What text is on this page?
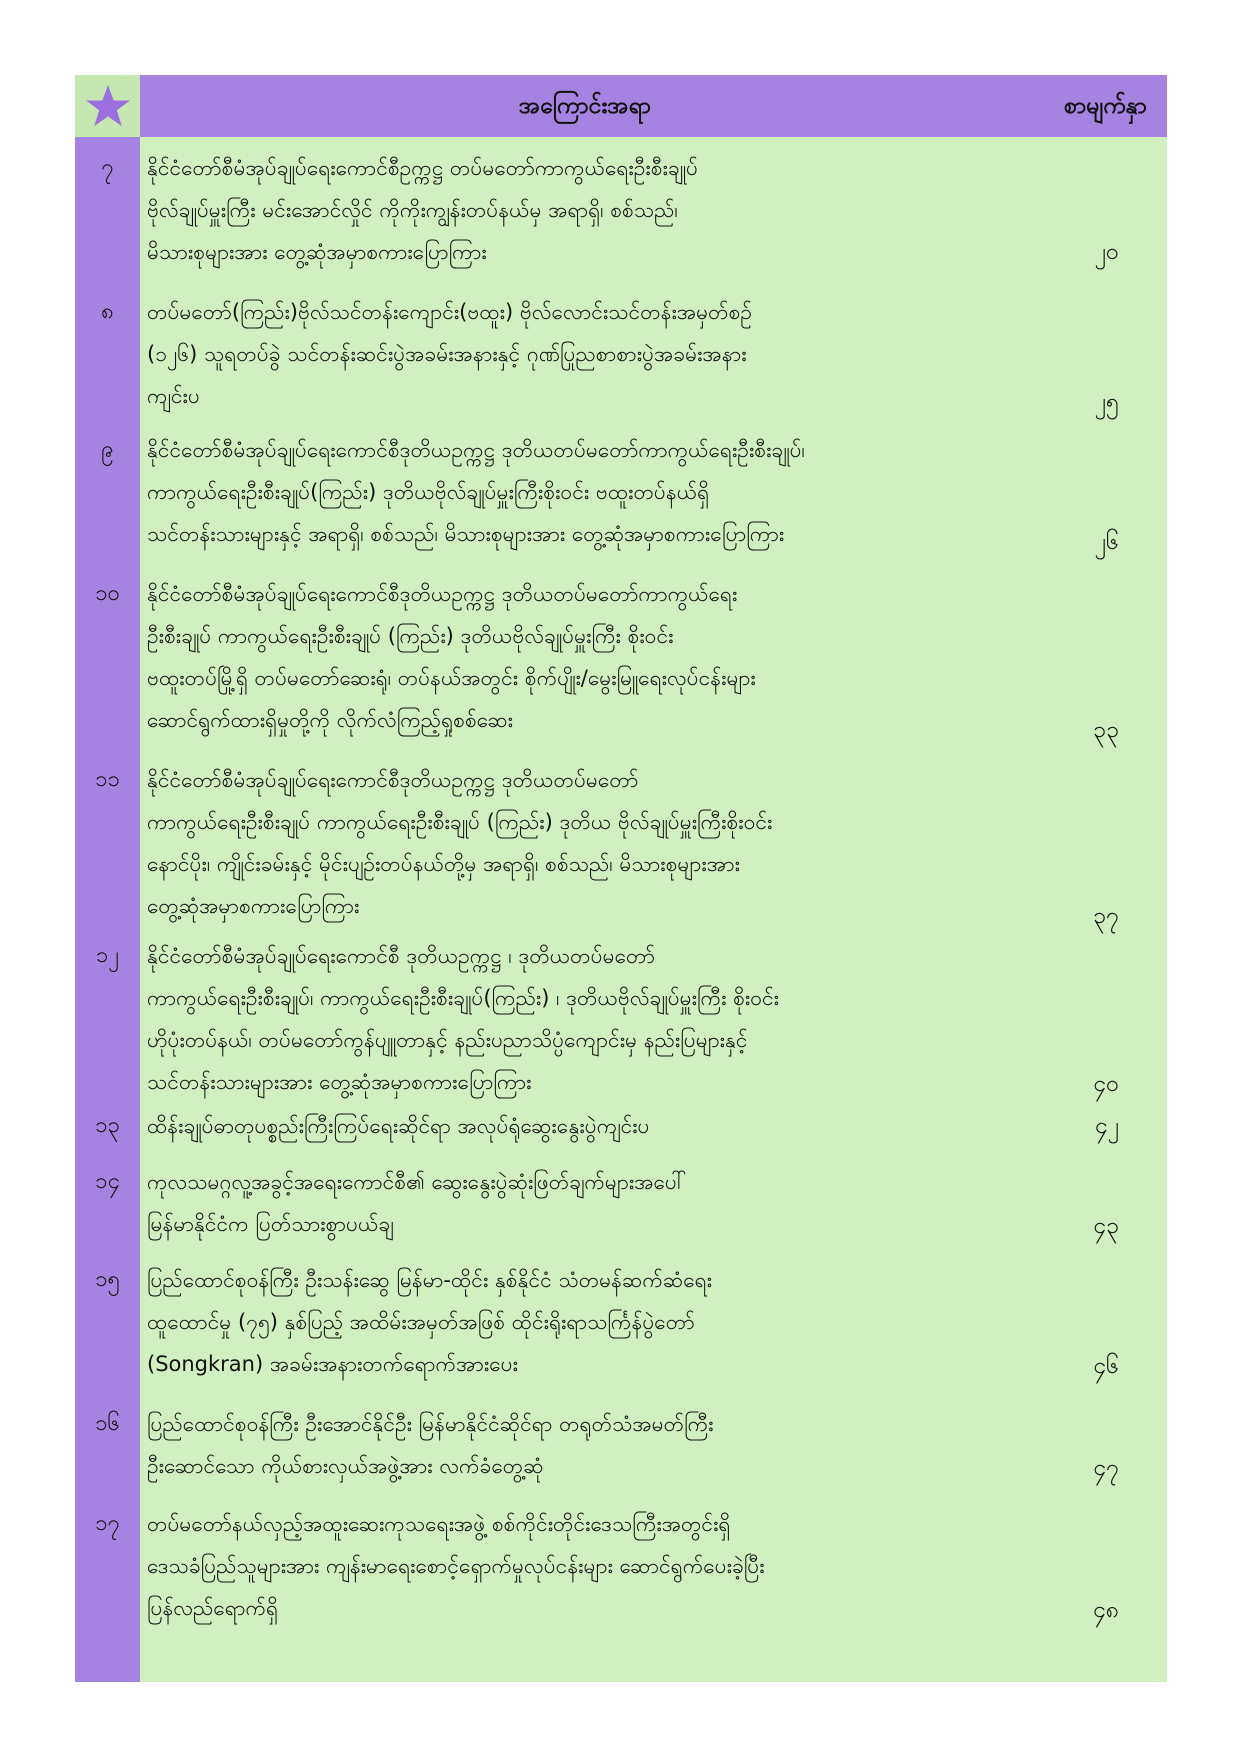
အကြောင်းအရာ	စာမျက်နှာ
၇	နိုင်ငံတော်စီမံအုပ်ချုပ်ရေးကောင်စီဥက္ကဋ္ဌ တပ်မတော်ကာကွယ်ရေးဦးစီးချုပ်
ဗိုလ်ချုပ်မှူးကြီး မင်းအောင်လှိုင် ကိုကိုးကျွန်းတပ်နယ်မှ အရာရှိ၊ စစ်သည်၊
မိသားစုများအား တွေ့ဆုံအမှာစကားပြောကြား	၂၀
၈	တပ်မတော်(ကြည်း)ဗိုလ်သင်တန်းကျောင်း(ဗထူး) ဗိုလ်လောင်းသင်တန်းအမှတ်စဉ်
(၁၂၆) သူရတပ်ခွဲ သင်တန်းဆင်းပွဲအခမ်းအနားနှင့် ဂုဏ်ပြုညစာစားပွဲအခမ်းအနား
ကျင်းပ	၂၅
၉	နိုင်ငံတော်စီမံအုပ်ချုပ်ရေးကောင်စီဒုတိယဥက္ကဋ္ဌ ဒုတိယတပ်မတော်ကာကွယ်ရေးဦးစီးချုပ်၊
ကာကွယ်ရေးဦးစီးချုပ်(ကြည်း) ဒုတိယဗိုလ်ချုပ်မှူးကြီးစိုးဝင်း ဗထူးတပ်နယ်ရှိ
သင်တန်းသားများနှင့် အရာရှိ၊ စစ်သည်၊ မိသားစုများအား တွေ့ဆုံအမှာစကားပြောကြား	၂၆
၁၀	နိုင်ငံတော်စီမံအုပ်ချုပ်ရေးကောင်စီဒုတိယဥက္ကဋ္ဌ ဒုတိယတပ်မတော်ကာကွယ်ရေး
ဦးစီးချုပ် ကာကွယ်ရေးဦးစီးချုပ် (ကြည်း) ဒုတိယဗိုလ်ချုပ်မှူးကြီး စိုးဝင်း
ဗထူးတပ်မြို့ရှိ တပ်မတော်ဆေးရုံ၊ တပ်နယ်အတွင်း စိုက်ပျိုး/မွေးမြူရေးလုပ်ငန်းများ
ဆောင်ရွက်ထားရှိမှုတို့ကို လိုက်လံကြည့်ရှုစစ်ဆေး	၃၃
၁၁	နိုင်ငံတော်စီမံအုပ်ချုပ်ရေးကောင်စီဒုတိယဥက္ကဋ္ဌ ဒုတိယတပ်မတော်
ကာကွယ်ရေးဦးစီးချုပ် ကာကွယ်ရေးဦးစီးချုပ် (ကြည်း) ဒုတိယ ဗိုလ်ချုပ်မှူးကြီးစိုးဝင်း
နောင်ပိုး၊ ကျိုင်းခမ်းနှင့် မိုင်းပျဉ်းတပ်နယ်တို့မှ အရာရှိ၊ စစ်သည်၊ မိသားစုများအား
တွေ့ဆုံအမှာစကားပြောကြား	၃၇
၁၂	နိုင်ငံတော်စီမံအုပ်ချုပ်ရေးကောင်စီ ဒုတိယဥက္ကဋ္ဌ ၊ ဒုတိယတပ်မတော်
ကာကွယ်ရေးဦးစီးချုပ်၊ ကာကွယ်ရေးဦးစီးချုပ်(ကြည်း) ၊ ဒုတိယဗိုလ်ချုပ်မှူးကြီး စိုးဝင်း
ဟိုပုံးတပ်နယ်၊ တပ်မတော်ကွန်ပျူတာနှင့် နည်းပညာသိပ္ပံကျောင်းမှ နည်းပြများနှင့်
သင်တန်းသားများအား တွေ့ဆုံအမှာစကားပြောကြား	၄၀
၁၃	ထိန်းချုပ်ဓာတုပစ္စည်းကြီးကြပ်ရေးဆိုင်ရာ အလုပ်ရုံဆွေးနွေးပွဲကျင်းပ	၄၂
၁၄	ကုလသမဂ္ဂလူ့အခွင့်အရေးကောင်စီ၏ ဆွေးနွေးပွဲဆုံးဖြတ်ချက်များအပေါ်
မြန်မာနိုင်ငံက ပြတ်သားစွာပယ်ချ	၄၃
၁၅	ပြည်ထောင်စုဝန်ကြီး ဦးသန်းဆွေ မြန်မာ-ထိုင်း နှစ်နိုင်ငံ သံတမန်ဆက်ဆံရေး
ထူထောင်မှု (၇၅) နှစ်ပြည့် အထိမ်းအမှတ်အဖြစ် ထိုင်းရိုးရာသင်္ကြန်ပွဲတော်
(Songkran) အခမ်းအနားတက်ရောက်အားပေး	၄၆
၁၆	ပြည်ထောင်စုဝန်ကြီး ဦးအောင်နိုင်ဦး မြန်မာနိုင်ငံဆိုင်ရာ တရုတ်သံအမတ်ကြီး
ဦးဆောင်သော ကိုယ်စားလှယ်အဖွဲ့အား လက်ခံတွေ့ဆုံ	၄၇
၁၇	တပ်မတော်နယ်လှည့်အထူးဆေးကုသရေးအဖွဲ့ စစ်ကိုင်းတိုင်းဒေသကြီးအတွင်းရှိ
ဒေသခံပြည်သူများအား ကျန်းမာရေးစောင့်ရှောက်မှုလုပ်ငန်းများ ဆောင်ရွက်ပေးခဲ့ပြီး
ပြန်လည်ရောက်ရှိ	၄၈
